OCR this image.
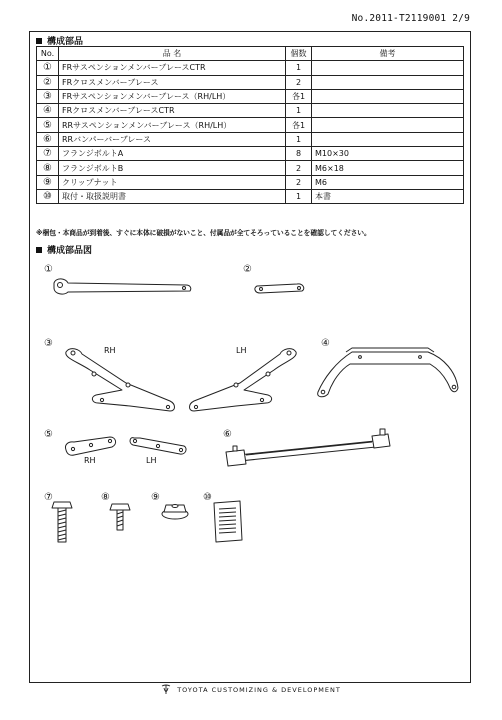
No.2011-T2119001 2/9
構成部品
No.	品 名	個数	備考
①	FRサスペンションメンバーブレースCTR	1	
②	FRクロスメンバーブレース	2	
③	FRサスペンションメンバーブレース（RH/LH）	各1	
④	FRクロスメンバーブレースCTR	1	
⑤	RRサスペンションメンバーブレース（RH/LH）	各1	
⑥	RRバンパーバーブレース	1	
⑦	フランジボルトA	8	M10×30
⑧	フランジボルトB	2	M6×18
⑨	クリップナット	2	M6
⑩	取付・取扱説明書	1	本書
※梱包・本商品が到着後、すぐに本体に破損がないこと、付属品が全てそろっていることを確認してください。
構成部品図
①	②
③	④
⑤	⑥
⑦	⑧	⑨	⑩
RH	LH
RH	LH
TOYOTA CUSTOMIZING & DEVELOPMENT
